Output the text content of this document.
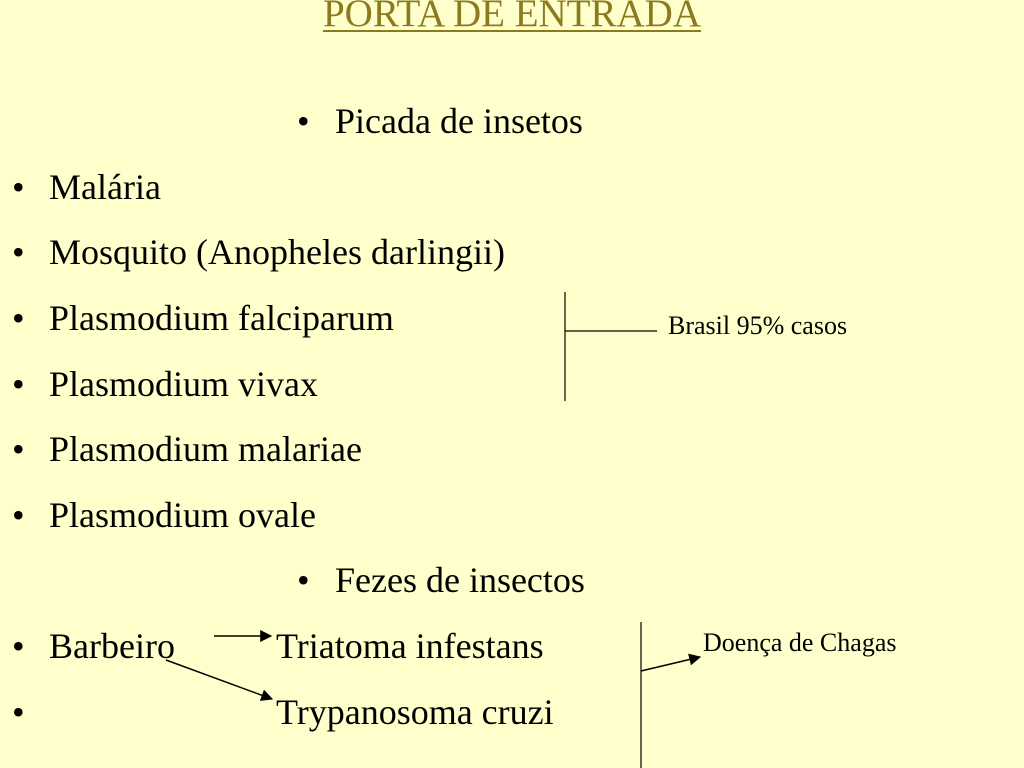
PORTA DE ENTRADA
• Picada de insetos
• Malária
• Mosquito (Anopheles darlingii)
• Plasmodium falciparum
• Plasmodium vivax
• Plasmodium malariae
• Plasmodium ovale
Brasil 95% casos
• Fezes de insectos
• Barbeiro	Triatoma infestans
•	Trypanosoma cruzi
Doença de Chagas
